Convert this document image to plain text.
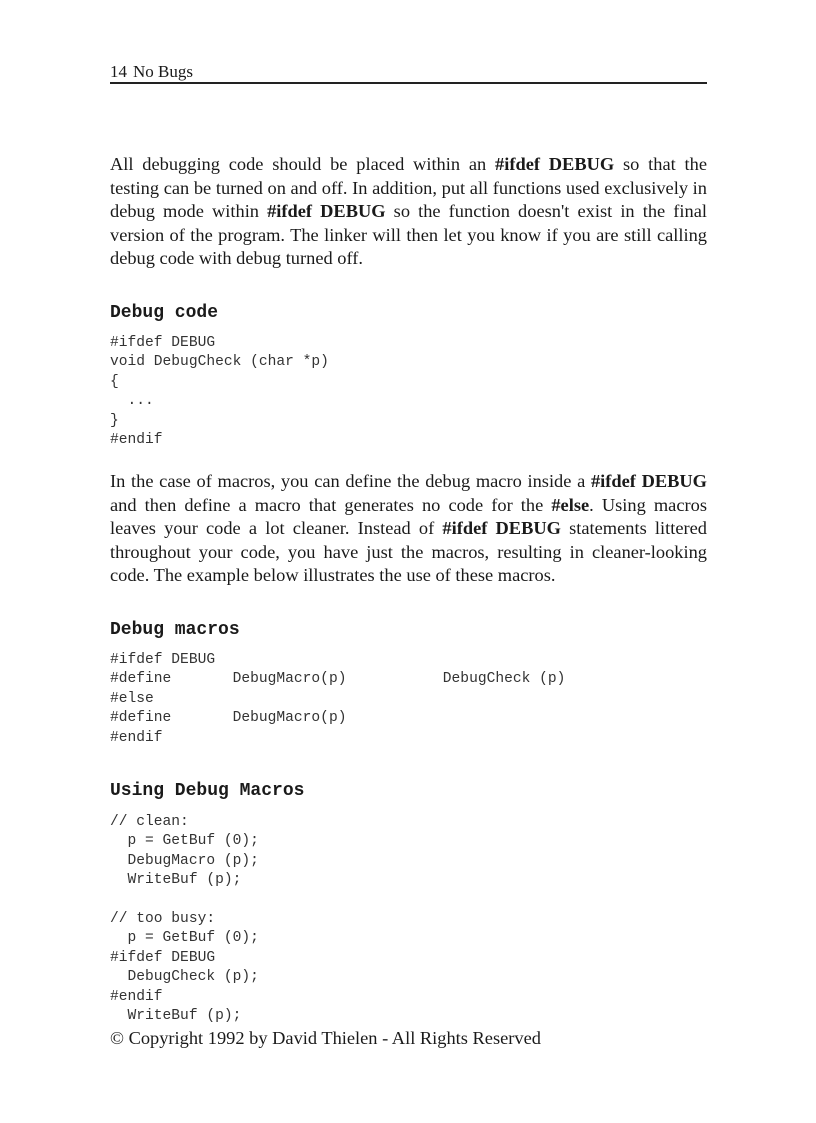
14 No Bugs

All debugging code should be placed within an #ifdef DEBUG so that the testing can be turned on and off. In addition, put all functions used exclusively in debug mode within #ifdef DEBUG so the function doesn't exist in the final version of the program. The linker will then let you know if you are still calling debug code with debug turned off.

Debug code
#ifdef DEBUG
void DebugCheck (char *p)
{
...
}
#endif

In the case of macros, you can define the debug macro inside a #ifdef DEBUG and then define a macro that generates no code for the #else. Using macros leaves your code a lot cleaner. Instead of #ifdef DEBUG statements littered throughout your code, you have just the macros, resulting in cleaner-looking code. The example below illustrates the use of these macros.

Debug macros
#ifdef DEBUG
#define       DebugMacro(p)           DebugCheck (p)
#else
#define       DebugMacro(p)
#endif
Using Debug Macros
// clean:
p = GetBuf (0);
DebugMacro (p);
WriteBuf (p);
// too busy:
p = GetBuf (0);
#ifdef DEBUG
DebugCheck (p);
#endif
WriteBuf (p);
© Copyright 1992 by David Thielen - All Rights Reserved
